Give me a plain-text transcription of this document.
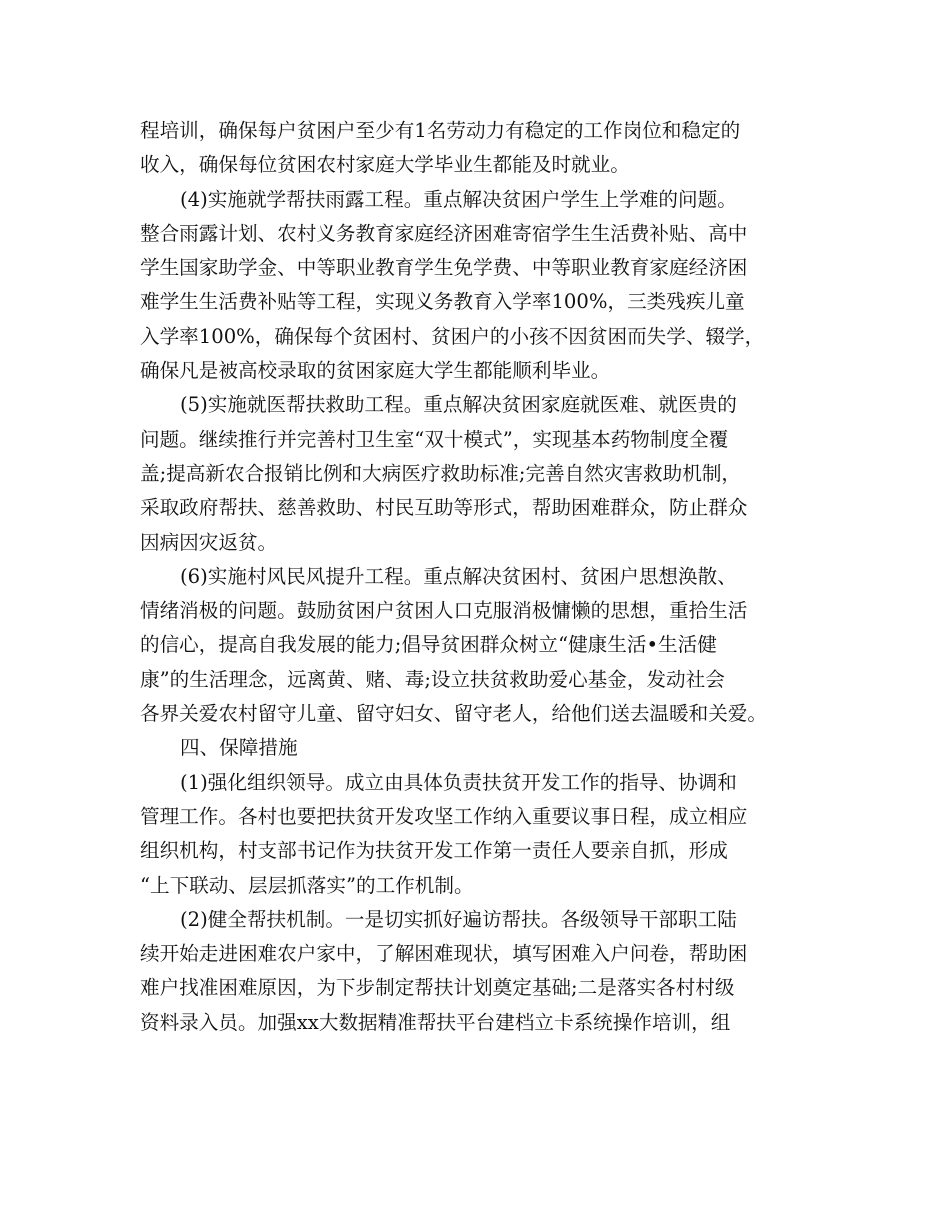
程培训，确保每户贫困户至少有1名劳动力有稳定的工作岗位和稳定的
收入，确保每位贫困农村家庭大学毕业生都能及时就业。
(4)实施就学帮扶雨露工程。重点解决贫困户学生上学难的问题。
整合雨露计划、农村义务教育家庭经济困难寄宿学生生活费补贴、高中
学生国家助学金、中等职业教育学生免学费、中等职业教育家庭经济困
难学生生活费补贴等工程，实现义务教育入学率100%，三类残疾儿童
入学率100%，确保每个贫困村、贫困户的小孩不因贫困而失学、辍学，
确保凡是被高校录取的贫困家庭大学生都能顺利毕业。
(5)实施就医帮扶救助工程。重点解决贫困家庭就医难、就医贵的
问题。继续推行并完善村卫生室“双十模式”，实现基本药物制度全覆
盖;提高新农合报销比例和大病医疗救助标准;完善自然灾害救助机制，
采取政府帮扶、慈善救助、村民互助等形式，帮助困难群众，防止群众
因病因灾返贫。
(6)实施村风民风提升工程。重点解决贫困村、贫困户思想涣散、
情绪消极的问题。鼓励贫困户贫困人口克服消极慵懒的思想，重拾生活
的信心，提高自我发展的能力;倡导贫困群众树立“健康生活•生活健
康”的生活理念，远离黄、赌、毒;设立扶贫救助爱心基金，发动社会
各界关爱农村留守儿童、留守妇女、留守老人，给他们送去温暖和关爱。
四、保障措施
(1)强化组织领导。成立由具体负责扶贫开发工作的指导、协调和
管理工作。各村也要把扶贫开发攻坚工作纳入重要议事日程，成立相应
组织机构，村支部书记作为扶贫开发工作第一责任人要亲自抓，形成
“上下联动、层层抓落实”的工作机制。
(2)健全帮扶机制。一是切实抓好遍访帮扶。各级领导干部职工陆
续开始走进困难农户家中，了解困难现状，填写困难入户问卷，帮助困
难户找准困难原因，为下步制定帮扶计划奠定基础;二是落实各村村级
资料录入员。加强xx大数据精准帮扶平台建档立卡系统操作培训，组
